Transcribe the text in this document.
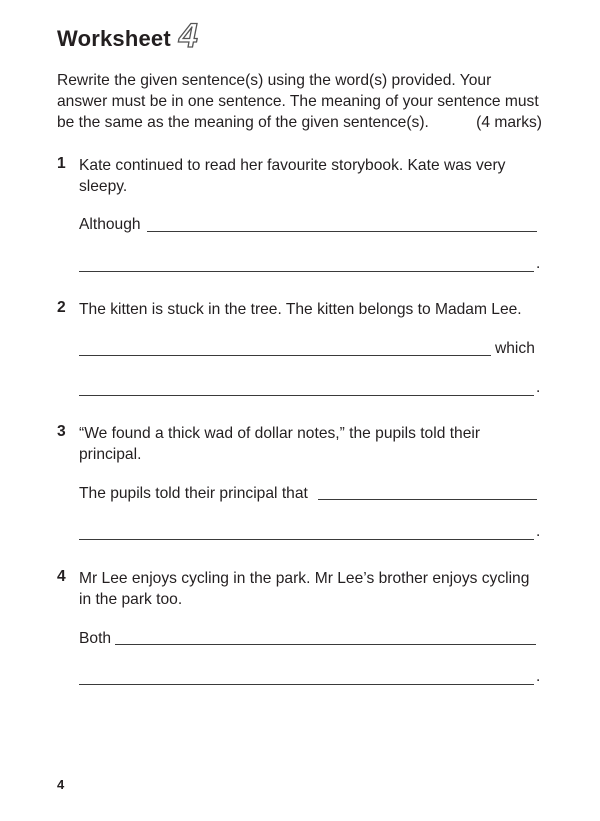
Worksheet 4
Rewrite the given sentence(s) using the word(s) provided. Your answer must be in one sentence. The meaning of your sentence must be the same as the meaning of the given sentence(s).	(4 marks)
1 Kate continued to read her favourite storybook. Kate was very sleepy.
Although
.
2 The kitten is stuck in the tree. The kitten belongs to Madam Lee.
which
.
3 “We found a thick wad of dollar notes,” the pupils told their principal.
The pupils told their principal that
.
4 Mr Lee enjoys cycling in the park. Mr Lee’s brother enjoys cycling in the park too.
Both
.
4
